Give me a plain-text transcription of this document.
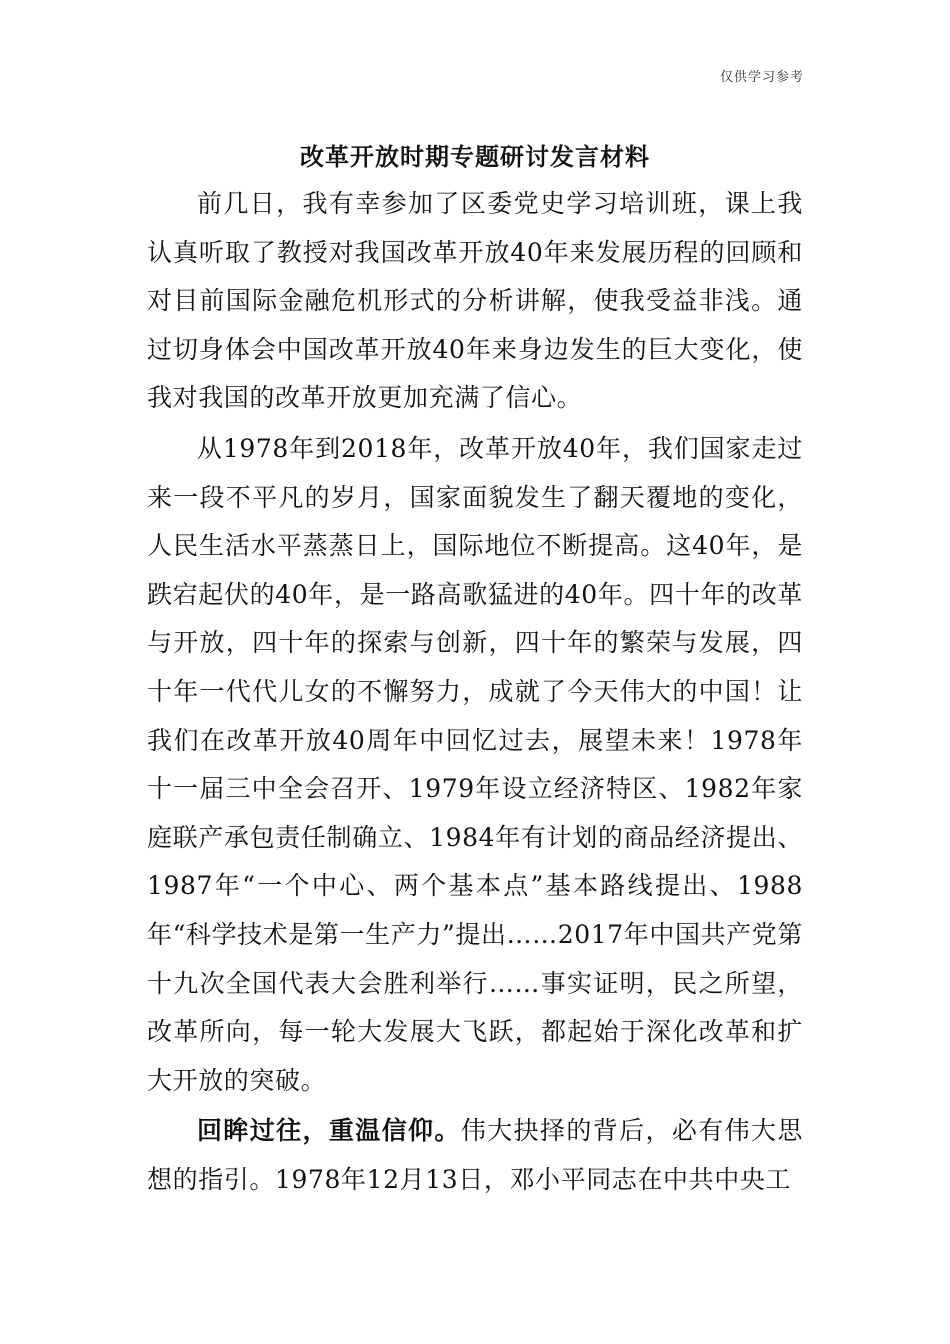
仅供学习参考
改革开放时期专题研讨发言材料

前几日，我有幸参加了区委党史学习培训班，课上我认真听取了教授对我国改革开放40年来发展历程的回顾和对目前国际金融危机形式的分析讲解，使我受益非浅。通过切身体会中国改革开放40年来身边发生的巨大变化，使我对我国的改革开放更加充满了信心。

从1978年到2018年，改革开放40年，我们国家走过来一段不平凡的岁月，国家面貌发生了翻天覆地的变化，人民生活水平蒸蒸日上，国际地位不断提高。这40年，是跌宕起伏的40年，是一路高歌猛进的40年。四十年的改革与开放，四十年的探索与创新，四十年的繁荣与发展，四十年一代代儿女的不懈努力，成就了今天伟大的中国！让我们在改革开放40周年中回忆过去，展望未来！1978年十一届三中全会召开、1979年设立经济特区、1982年家庭联产承包责任制确立、1984年有计划的商品经济提出、1987年“一个中心、两个基本点”基本路线提出、1988年“科学技术是第一生产力”提出……2017年中国共产党第十九次全国代表大会胜利举行……事实证明，民之所望，改革所向，每一轮大发展大飞跃，都起始于深化改革和扩大开放的突破。

回眸过往，重温信仰。伟大抉择的背后，必有伟大思想的指引。1978年12月13日，邓小平同志在中共中央工
